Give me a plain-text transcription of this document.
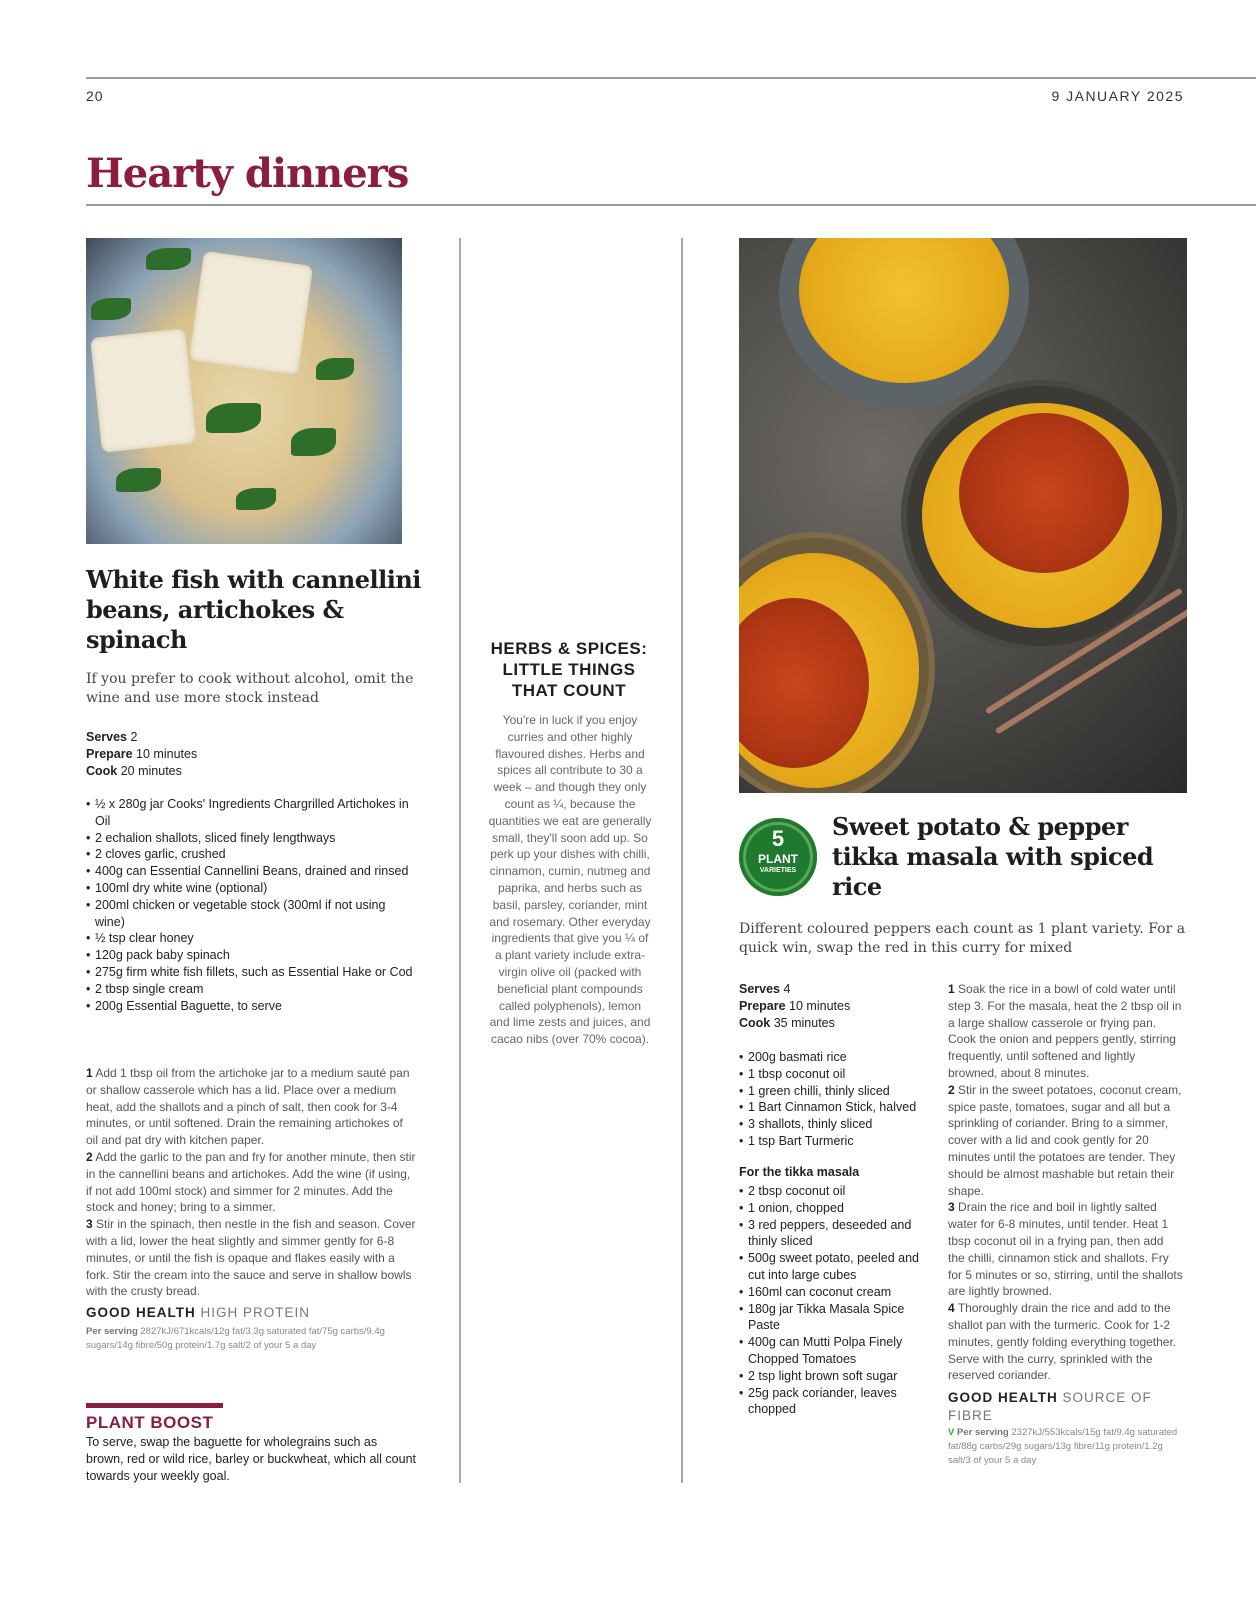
20	9 JANUARY 2025
Hearty dinners
White fish with cannellini beans, artichokes & spinach
If you prefer to cook without alcohol, omit the wine and use more stock instead
Serves 2
Prepare 10 minutes
Cook 20 minutes
• ½ x 280g jar Cooks' Ingredients Chargrilled Artichokes in Oil
• 2 echalion shallots, sliced finely lengthways
• 2 cloves garlic, crushed
• 400g can Essential Cannellini Beans, drained and rinsed
• 100ml dry white wine (optional)
• 200ml chicken or vegetable stock (300ml if not using wine)
• ½ tsp clear honey
• 120g pack baby spinach
• 275g firm white fish fillets, such as Essential Hake or Cod
• 2 tbsp single cream
• 200g Essential Baguette, to serve

1 Add 1 tbsp oil from the artichoke jar to a medium sauté pan or shallow casserole which has a lid. Place over a medium heat, add the shallots and a pinch of salt, then cook for 3-4 minutes, or until softened. Drain the remaining artichokes of oil and pat dry with kitchen paper.

2 Add the garlic to the pan and fry for another minute, then stir in the cannellini beans and artichokes. Add the wine (if using, if not add 100ml stock) and simmer for 2 minutes. Add the stock and honey; bring to a simmer.

3 Stir in the spinach, then nestle in the fish and season. Cover with a lid, lower the heat slightly and simmer gently for 6-8 minutes, or until the fish is opaque and flakes easily with a fork. Stir the cream into the sauce and serve in shallow bowls with the crusty bread.

GOOD HEALTH HIGH PROTEIN
Per serving 2827kJ/671kcals/12g fat/3.3g saturated fat/75g carbs/9.4g sugars/14g fibre/50g protein/1.7g salt/2 of your 5 a day
PLANT BOOST
To serve, swap the baguette for wholegrains such as brown, red or wild rice, barley or buckwheat, which all count towards your weekly goal.
HERBS & SPICES: LITTLE THINGS THAT COUNT
You're in luck if you enjoy curries and other highly flavoured dishes. Herbs and spices all contribute to 30 a week – and though they only count as ¼, because the quantities we eat are generally small, they'll soon add up. So perk up your dishes with chilli, cinnamon, cumin, nutmeg and paprika, and herbs such as basil, parsley, coriander, mint and rosemary. Other everyday ingredients that give you ¼ of a plant variety include extra-virgin olive oil (packed with beneficial plant compounds called polyphenols), lemon and lime zests and juices, and cacao nibs (over 70% cocoa).
5
PLANT
VARIETIES
Sweet potato & pepper tikka masala with spiced rice
Different coloured peppers each count as 1 plant variety. For a quick win, swap the red in this curry for mixed
Serves 4
Prepare 10 minutes
Cook 35 minutes
• 200g basmati rice
• 1 tbsp coconut oil
• 1 green chilli, thinly sliced
• 1 Bart Cinnamon Stick, halved
• 3 shallots, thinly sliced
• 1 tsp Bart Turmeric
For the tikka masala
• 2 tbsp coconut oil
• 1 onion, chopped
• 3 red peppers, deseeded and thinly sliced
• 500g sweet potato, peeled and cut into large cubes
• 160ml can coconut cream
• 180g jar Tikka Masala Spice Paste
• 400g can Mutti Polpa Finely Chopped Tomatoes
• 2 tsp light brown soft sugar
• 25g pack coriander, leaves chopped

1 Soak the rice in a bowl of cold water until step 3. For the masala, heat the 2 tbsp oil in a large shallow casserole or frying pan. Cook the onion and peppers gently, stirring frequently, until softened and lightly browned, about 8 minutes.

2 Stir in the sweet potatoes, coconut cream, spice paste, tomatoes, sugar and all but a sprinkling of coriander. Bring to a simmer, cover with a lid and cook gently for 20 minutes until the potatoes are tender. They should be almost mashable but retain their shape.

3 Drain the rice and boil in lightly salted water for 6-8 minutes, until tender. Heat 1 tbsp coconut oil in a frying pan, then add the chilli, cinnamon stick and shallots. Fry for 5 minutes or so, stirring, until the shallots are lightly browned.

4 Thoroughly drain the rice and add to the shallot pan with the turmeric. Cook for 1-2 minutes, gently folding everything together. Serve with the curry, sprinkled with the reserved coriander.

GOOD HEALTH SOURCE OF FIBRE
V Per serving 2327kJ/553kcals/15g fat/9.4g saturated fat/88g carbs/29g sugars/13g fibre/11g protein/1.2g salt/3 of your 5 a day
